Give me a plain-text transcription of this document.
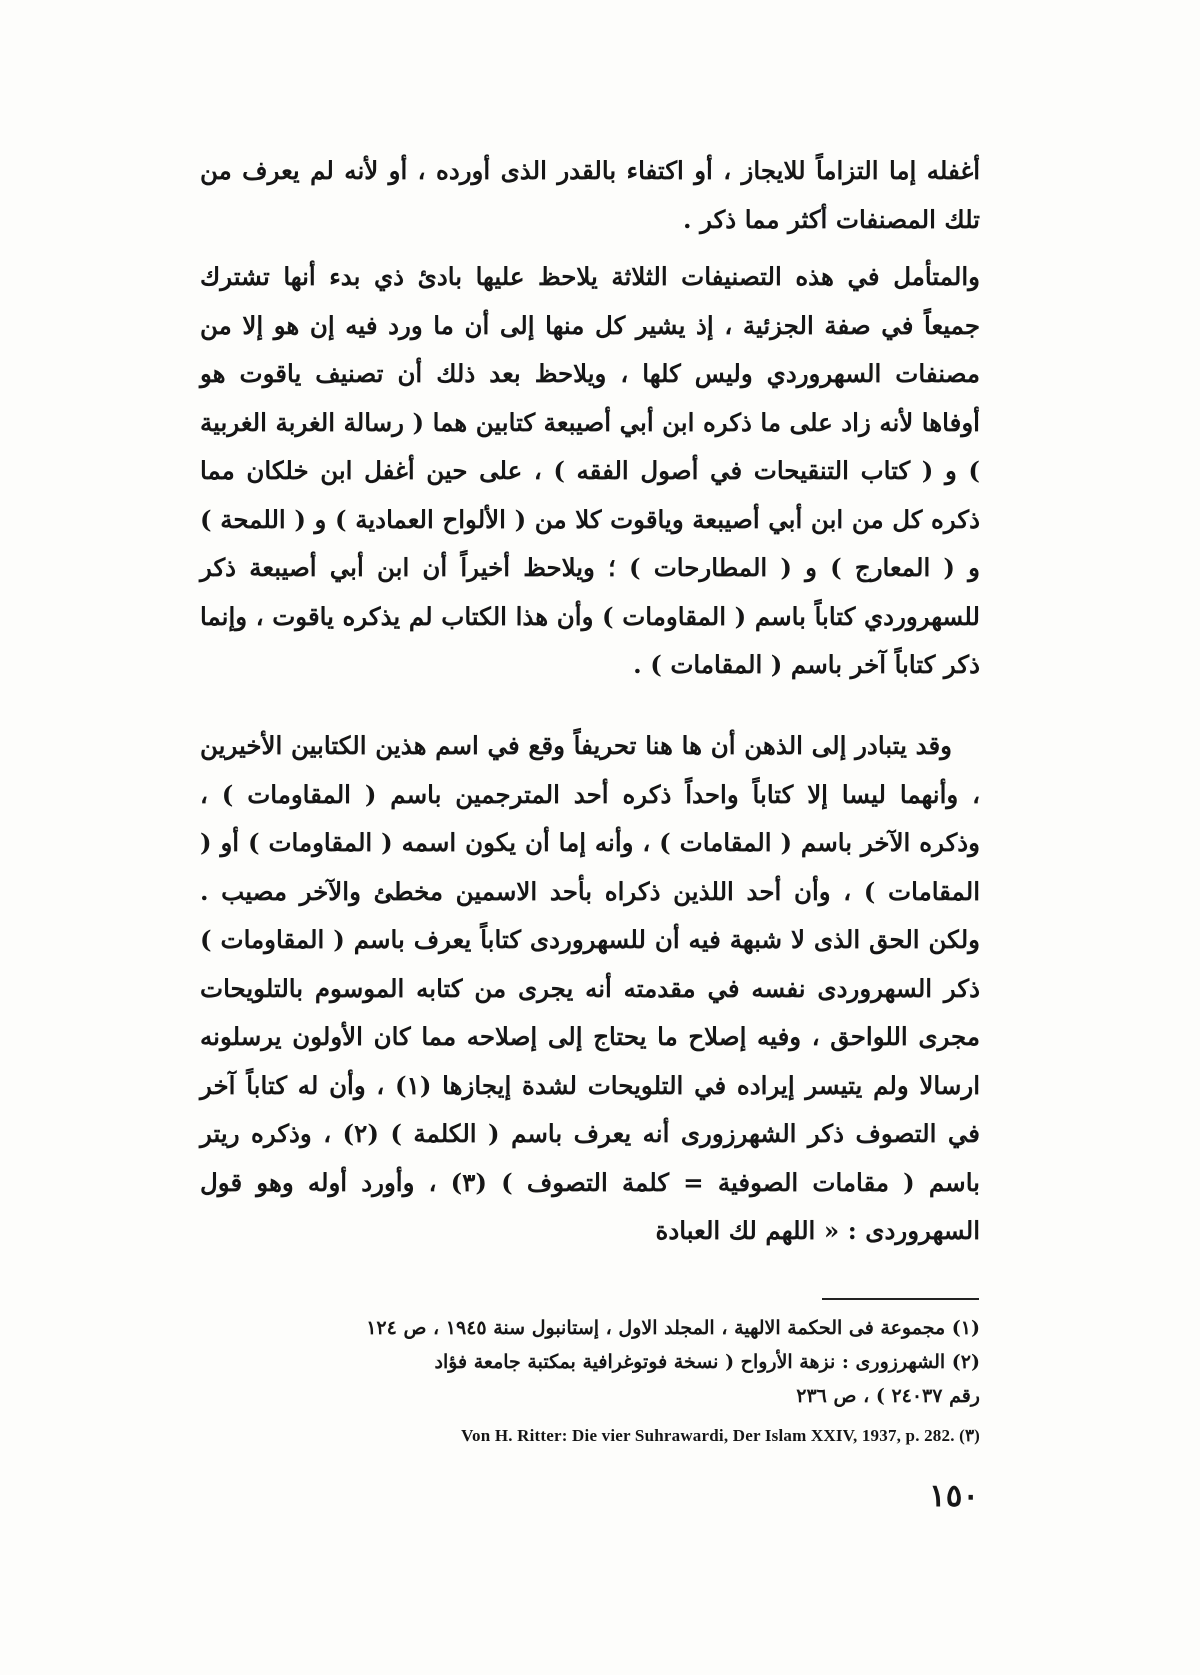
أغفله إما التزاماً للايجاز ، أو اكتفاء بالقدر الذى أورده ، أو لأنه لم يعرف من تلك المصنفات أكثر مما ذكر .

والمتأمل في هذه التصنيفات الثلاثة يلاحظ عليها بادئ ذي بدء أنها تشترك جميعاً في صفة الجزئية ، إذ يشير كل منها إلى أن ما ورد فيه إن هو إلا من مصنفات السهروردي وليس كلها ، ويلاحظ بعد ذلك أن تصنيف ياقوت هو أوفاها لأنه زاد على ما ذكره ابن أبي أصيبعة كتابين هما ( رسالة الغربة الغربية ) و ( كتاب التنقيحات في أصول الفقه ) ، على حين أغفل ابن خلكان مما ذكره كل من ابن أبي أصيبعة وياقوت كلا من ( الألواح العمادية ) و ( اللمحة ) و ( المعارج ) و ( المطارحات ) ؛ ويلاحظ أخيراً أن ابن أبي أصيبعة ذكر للسهروردي كتاباً باسم ( المقاومات ) وأن هذا الكتاب لم يذكره ياقوت ، وإنما ذكر كتاباً آخر باسم ( المقامات ) .

وقد يتبادر إلى الذهن أن ها هنا تحريفاً وقع في اسم هذين الكتابين الأخيرين ، وأنهما ليسا إلا كتاباً واحداً ذكره أحد المترجمين باسم ( المقاومات ) ، وذكره الآخر باسم ( المقامات ) ، وأنه إما أن يكون اسمه ( المقاومات ) أو ( المقامات ) ، وأن أحد اللذين ذكراه بأحد الاسمين مخطئ والآخر مصيب . ولكن الحق الذى لا شبهة فيه أن للسهروردى كتاباً يعرف باسم ( المقاومات ) ذكر السهروردى نفسه في مقدمته أنه يجرى من كتابه الموسوم بالتلويحات مجرى اللواحق ، وفيه إصلاح ما يحتاج إلى إصلاحه مما كان الأولون يرسلونه ارسالا ولم يتيسر إيراده في التلويحات لشدة إيجازها (١) ، وأن له كتاباً آخر في التصوف ذكر الشهرزورى أنه يعرف باسم ( الكلمة ) (٢) ، وذكره ريتر باسم ( مقامات الصوفية = كلمة التصوف ) (٣) ، وأورد أوله وهو قول السهروردى : « اللهم لك العبادة

(١) مجموعة فى الحكمة الالهية ، المجلد الاول ، إستانبول سنة ١٩٤٥ ، ص ١٢٤
(٢) الشهرزورى : نزهة الأرواح ( نسخة فوتوغرافية بمكتبة جامعة فؤاد
رقم ٢٤٠٣٧ ) ، ص ٢٣٦
Von H. Ritter: Die vier Suhrawardi, Der Islam XXIV, 1937, p. 282. (٣)
١٥٠
